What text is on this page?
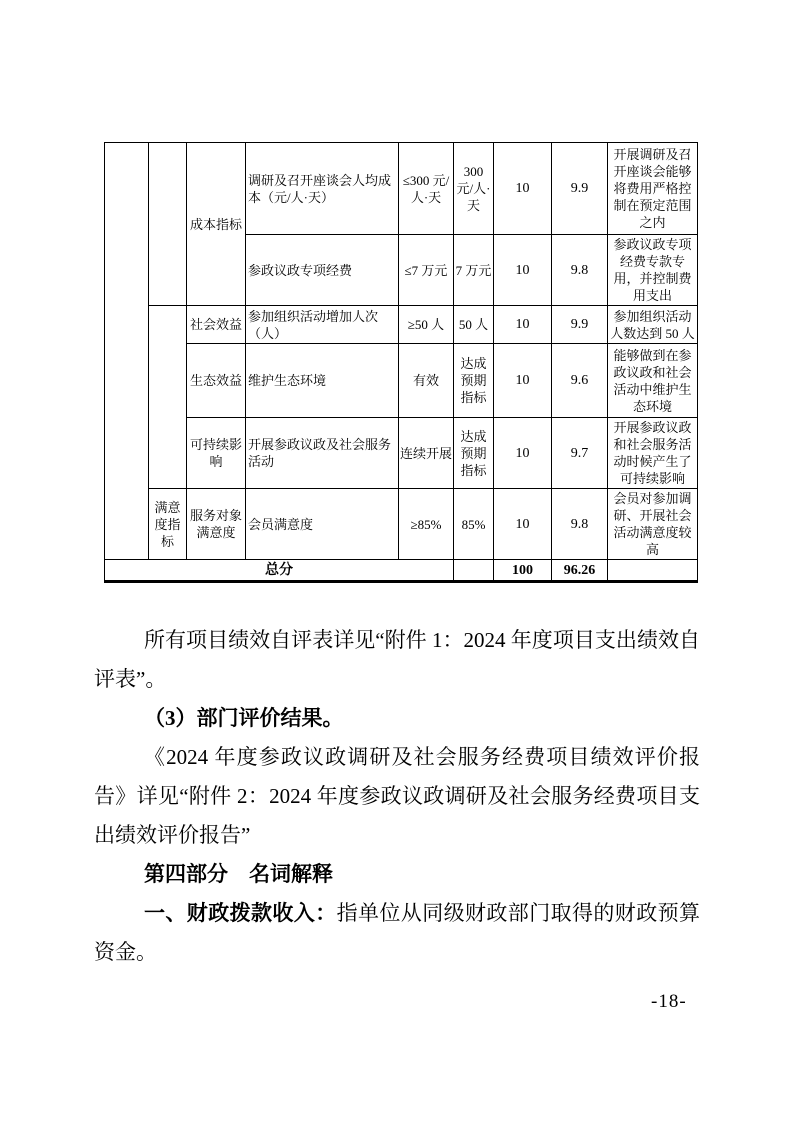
		成本指标	调研及召开座谈会人均成本（元/人·天）	≤300 元/人·天	300 元/人·天	10	9.9	开展调研及召开座谈会能够将费用严格控制在预定范围之内
			参政议政专项经费	≤7 万元	7 万元	10	9.8	参政议政专项经费专款专用，并控制费用支出
		社会效益	参加组织活动增加人次（人）	≥50 人	50 人	10	9.9	参加组织活动人数达到 50 人
		生态效益	维护生态环境	有效	达成预期指标	10	9.6	能够做到在参政议政和社会活动中维护生态环境
		可持续影响	开展参政议政及社会服务活动	连续开展	达成预期指标	10	9.7	开展参政议政和社会服务活动时候产生了可持续影响
	满意度指标	服务对象满意度	会员满意度	≥85%	85%	10	9.8	会员对参加调研、开展社会活动满意度较高
总分						100	96.26	

所有项目绩效自评表详见“附件 1：2024 年度项目支出绩效自评表”。

（3）部门评价结果。

《2024 年度参政议政调研及社会服务经费项目绩效评价报告》详见“附件 2：2024 年度参政议政调研及社会服务经费项目支出绩效评价报告”

第四部分　名词解释

一、财政拨款收入：指单位从同级财政部门取得的财政预算资金。

-18-
